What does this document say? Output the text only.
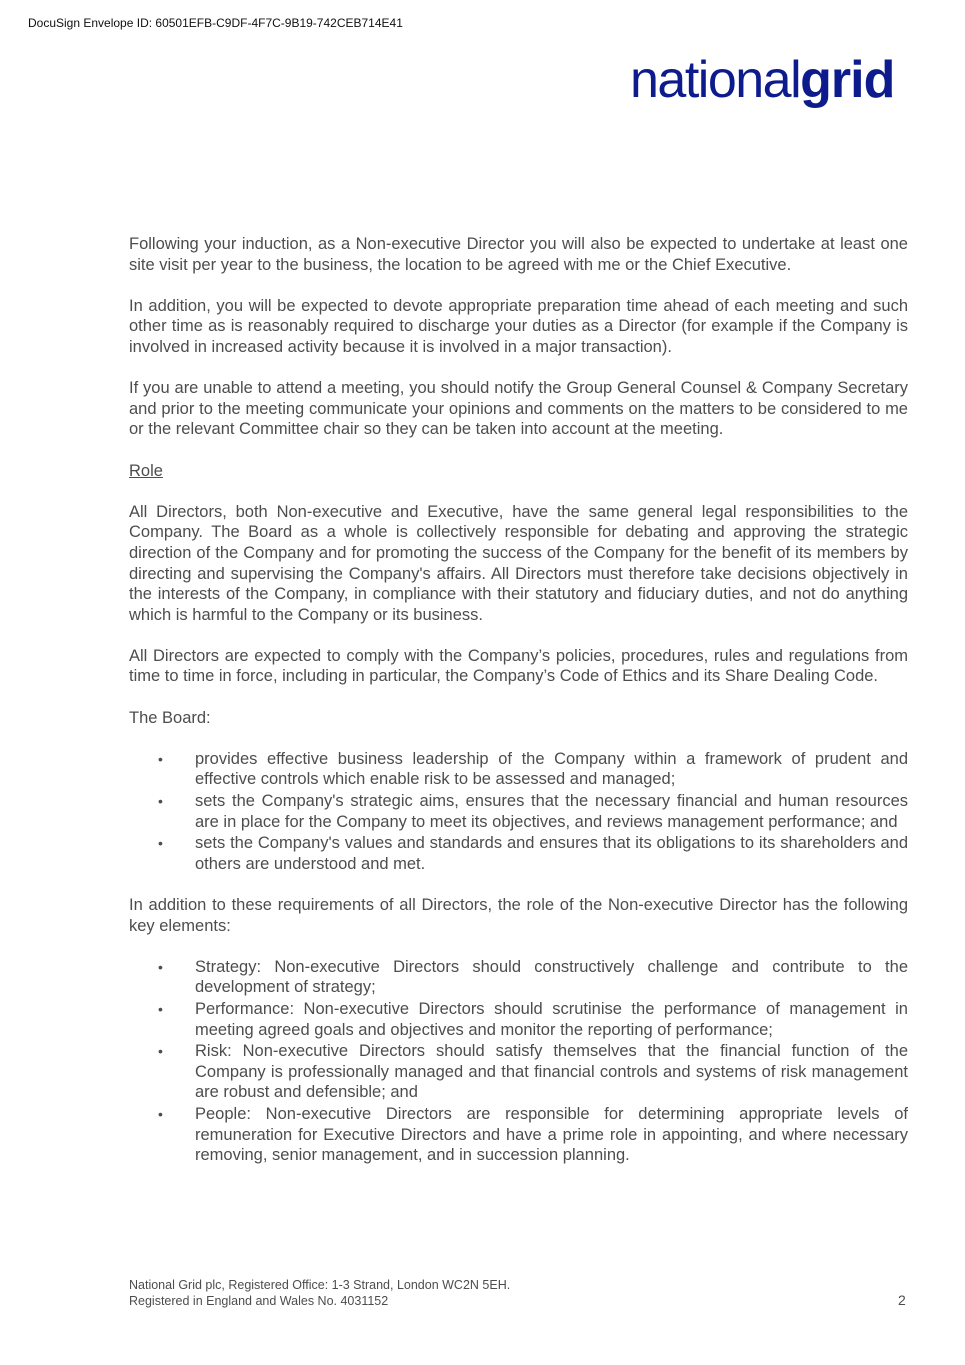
DocuSign Envelope ID: 60501EFB-C9DF-4F7C-9B19-742CEB714E41
nationalgrid

Following your induction, as a Non-executive Director you will also be expected to undertake at least one site visit per year to the business, the location to be agreed with me or the Chief Executive.

In addition, you will be expected to devote appropriate preparation time ahead of each meeting and such other time as is reasonably required to discharge your duties as a Director (for example if the Company is involved in increased activity because it is involved in a major transaction).

If you are unable to attend a meeting, you should notify the Group General Counsel & Company Secretary and prior to the meeting communicate your opinions and comments on the matters to be considered to me or the relevant Committee chair so they can be taken into account at the meeting.

Role

All Directors, both Non-executive and Executive, have the same general legal responsibilities to the Company. The Board as a whole is collectively responsible for debating and approving the strategic direction of the Company and for promoting the success of the Company for the benefit of its members by directing and supervising the Company's affairs. All Directors must therefore take decisions objectively in the interests of the Company, in compliance with their statutory and fiduciary duties, and not do anything which is harmful to the Company or its business.

All Directors are expected to comply with the Company’s policies, procedures, rules and regulations from time to time in force, including in particular, the Company’s Code of Ethics and its Share Dealing Code.

The Board:

• provides effective business leadership of the Company within a framework of prudent and effective controls which enable risk to be assessed and managed;
• sets the Company's strategic aims, ensures that the necessary financial and human resources are in place for the Company to meet its objectives, and reviews management performance; and
• sets the Company's values and standards and ensures that its obligations to its shareholders and others are understood and met.

In addition to these requirements of all Directors, the role of the Non-executive Director has the following key elements:

• Strategy: Non-executive Directors should constructively challenge and contribute to the development of strategy;
• Performance: Non-executive Directors should scrutinise the performance of management in meeting agreed goals and objectives and monitor the reporting of performance;
• Risk: Non-executive Directors should satisfy themselves that the financial function of the Company is professionally managed and that financial controls and systems of risk management are robust and defensible; and
• People: Non-executive Directors are responsible for determining appropriate levels of remuneration for Executive Directors and have a prime role in appointing, and where necessary removing, senior management, and in succession planning.
National Grid plc, Registered Office: 1-3 Strand, London WC2N 5EH.
Registered in England and Wales No. 4031152	2
